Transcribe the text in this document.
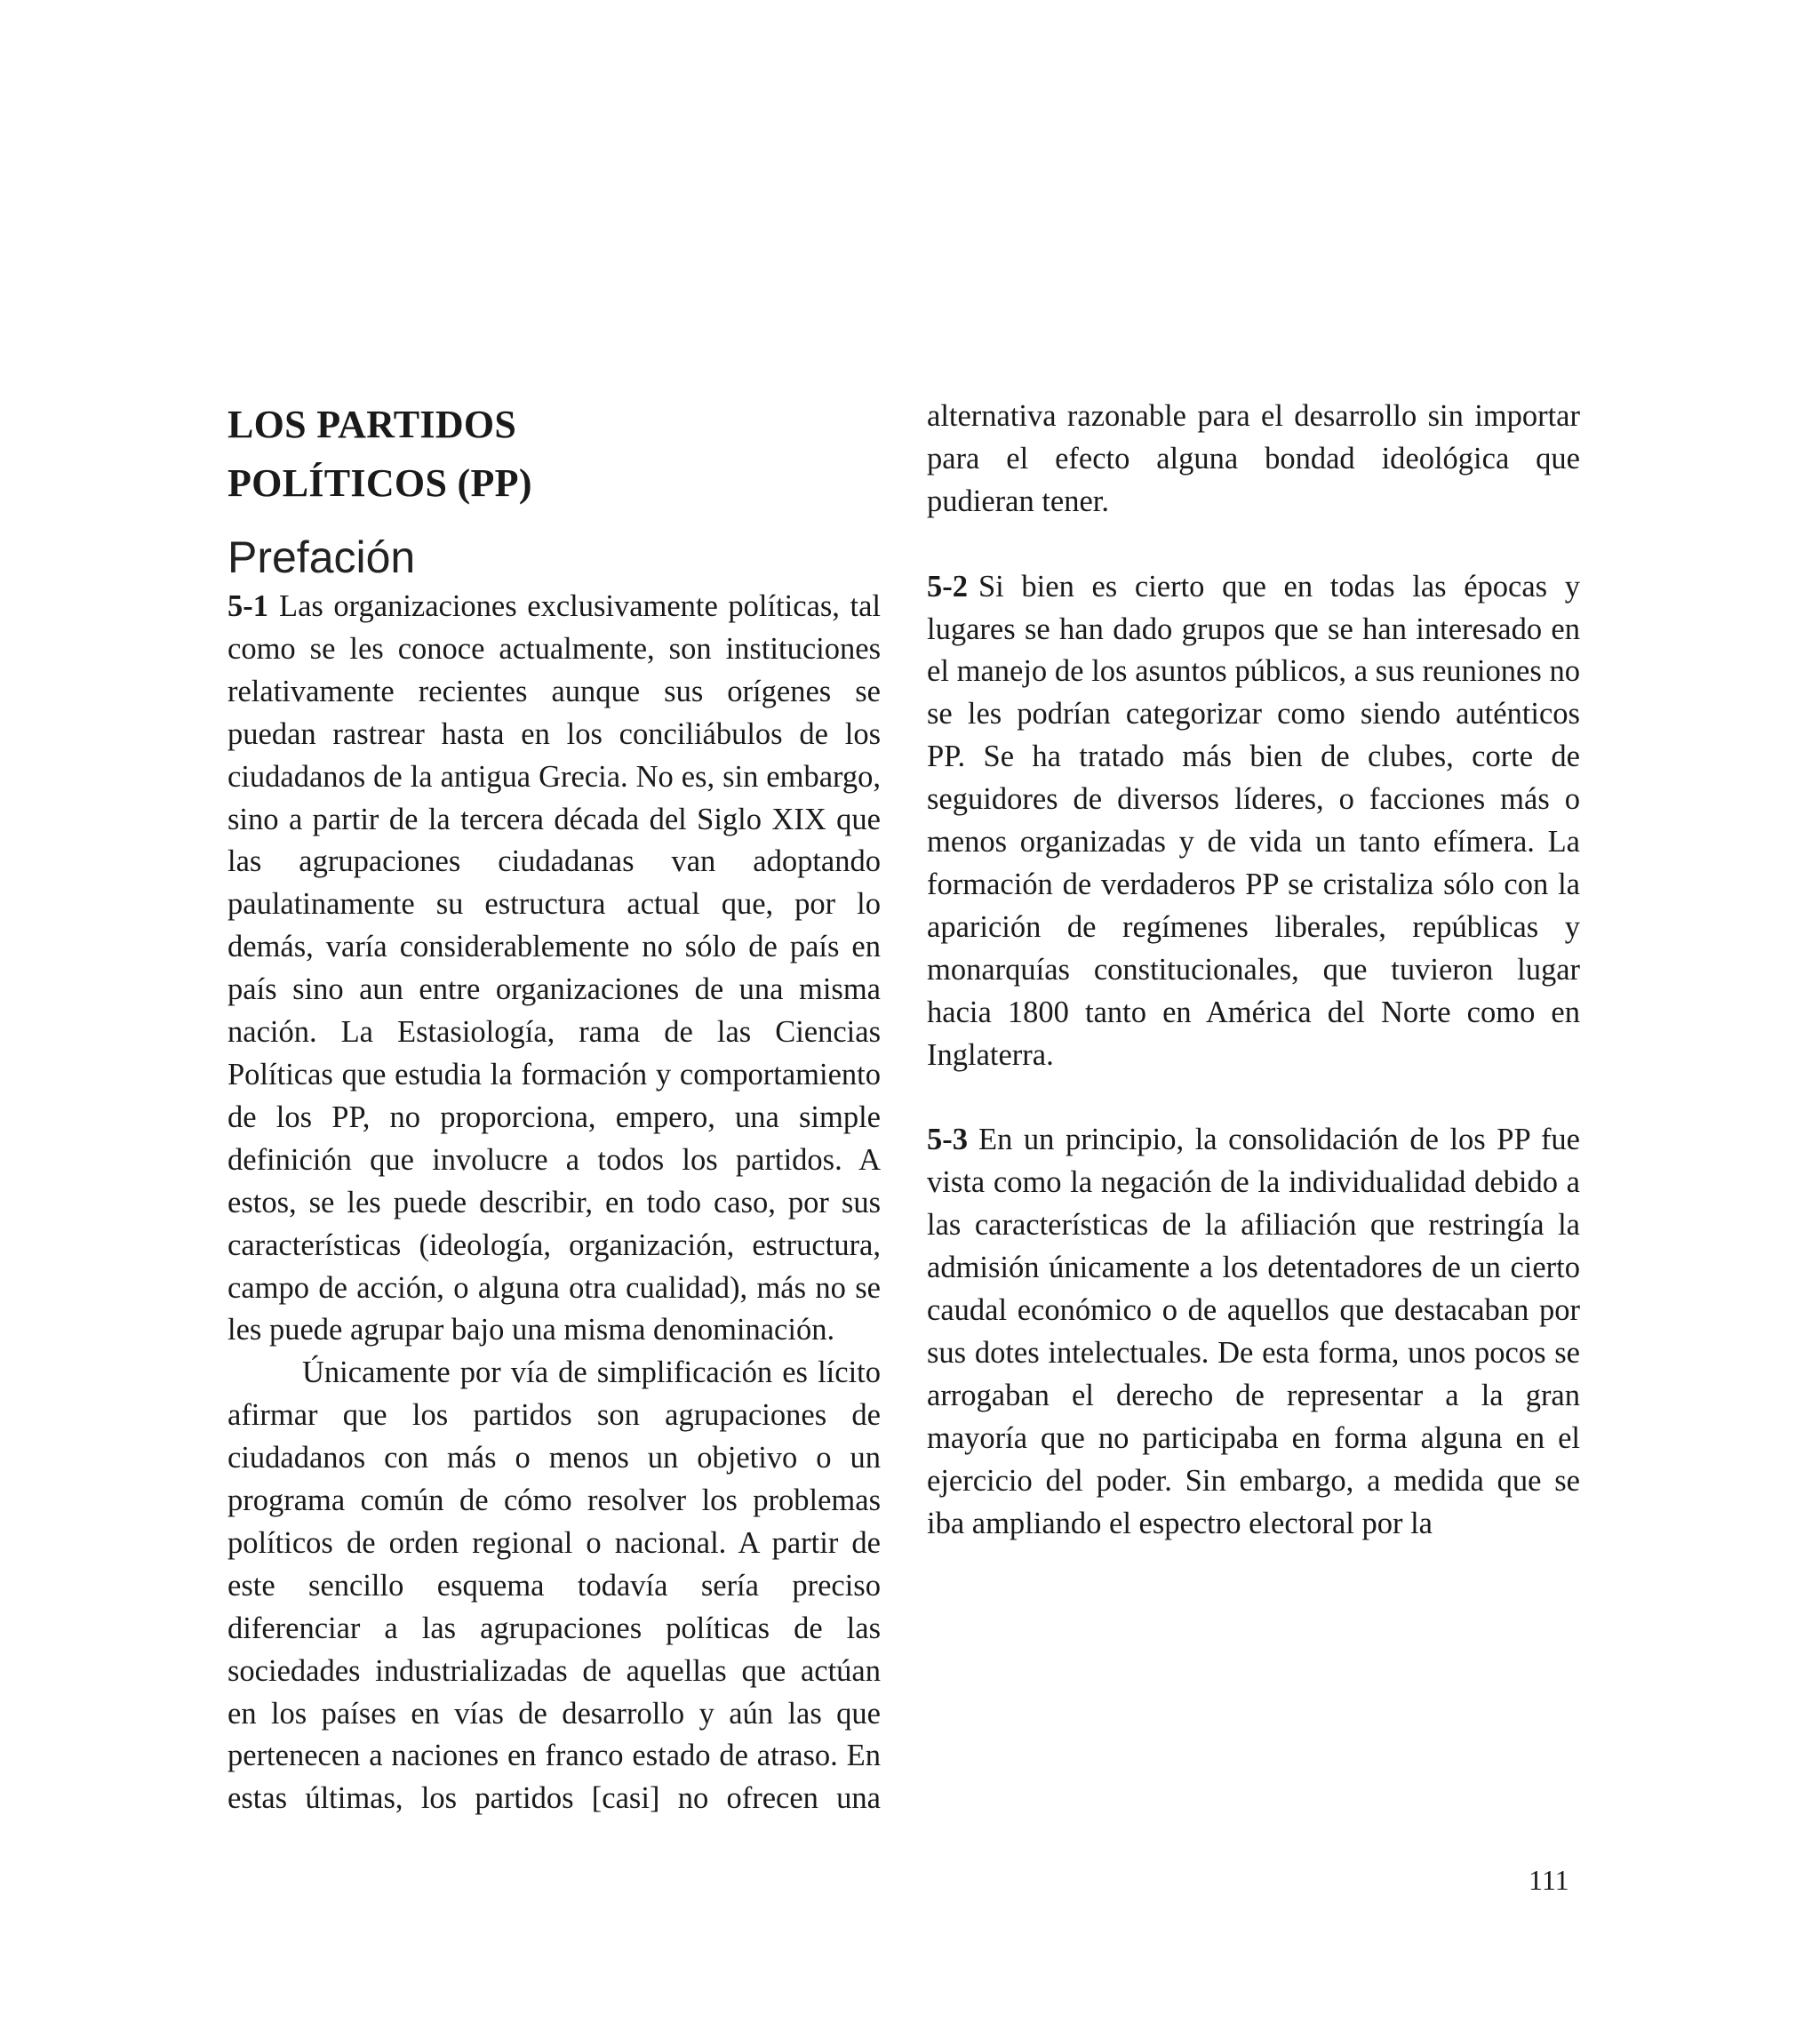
LOS PARTIDOS
POLÍTICOS (PP)
Prefación

5-1 Las organizaciones exclusivamente políticas, tal como se les conoce actualmente, son instituciones relativamente recientes aunque sus orígenes se puedan rastrear hasta en los conciliábulos de los ciudadanos de la antigua Grecia. No es, sin embargo, sino a partir de la tercera década del Siglo XIX que las agrupaciones ciudadanas van adoptando paulatinamente su estructura actual que, por lo demás, varía considerablemente no sólo de país en país sino aun entre organizaciones de una misma nación. La Estasiología, rama de las Ciencias Políticas que estudia la formación y comportamiento de los PP, no proporciona, empero, una simple definición que involucre a todos los partidos. A estos, se les puede describir, en todo caso, por sus características (ideología, organización, estructura, campo de acción, o alguna otra cualidad), más no se les puede agrupar bajo una misma denominación.

Únicamente por vía de simplificación es lícito afirmar que los partidos son agrupaciones de ciudadanos con más o menos un objetivo o un programa común de cómo resolver los problemas políticos de orden regional o nacional. A partir de este sencillo esquema todavía sería preciso diferenciar a las agrupaciones políticas de las sociedades industrializadas de aquellas que actúan en los países en vías de desarrollo y aún las que pertenecen a naciones en franco estado de atraso. En estas últimas, los partidos [casi] no ofrecen una

alternativa razonable para el desarrollo sin importar para el efecto alguna bondad ideológica que pudieran tener.

5-2 Si bien es cierto que en todas las épocas y lugares se han dado grupos que se han interesado en el manejo de los asuntos públicos, a sus reuniones no se les podrían categorizar como siendo auténticos PP. Se ha tratado más bien de clubes, corte de seguidores de diversos líderes, o facciones más o menos organizadas y de vida un tanto efímera. La formación de verdaderos PP se cristaliza sólo con la aparición de regímenes liberales, repúblicas y monarquías constitucionales, que tuvieron lugar hacia 1800 tanto en América del Norte como en Inglaterra.

5-3 En un principio, la consolidación de los PP fue vista como la negación de la individualidad debido a las características de la afiliación que restringía la admisión únicamente a los detentadores de un cierto caudal económico o de aquellos que destacaban por sus dotes intelectuales. De esta forma, unos pocos se arrogaban el derecho de representar a la gran mayoría que no participaba en forma alguna en el ejercicio del poder. Sin embargo, a medida que se iba ampliando el espectro electoral por la

111
